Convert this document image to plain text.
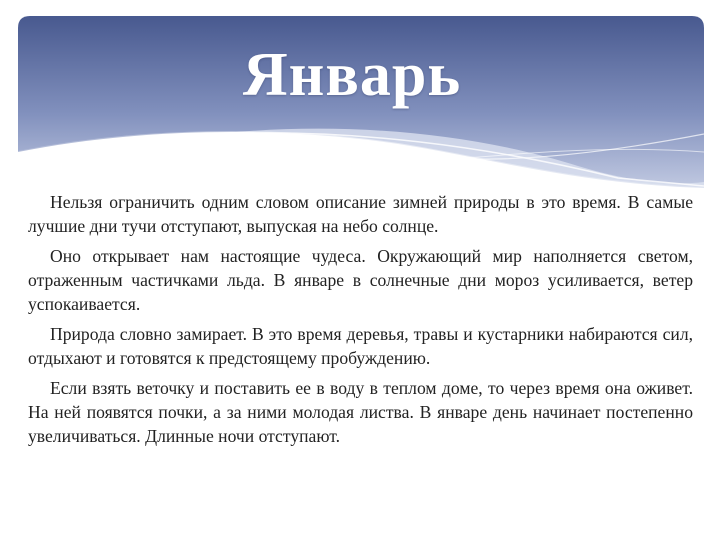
Январь

Нельзя ограничить одним словом описание зимней природы в это время. В самые лучшие дни тучи отступают, выпуская на небо солнце.

Оно открывает нам настоящие чудеса. Окружающий мир наполняется светом, отраженным частичками льда. В январе в солнечные дни мороз усиливается, ветер успокаивается.

Природа словно замирает. В это время деревья, травы и кустарники набираются сил, отдыхают и готовятся к предстоящему пробуждению.

Если взять веточку и поставить ее в воду в теплом доме, то через время она оживет. На ней появятся почки, а за ними молодая листва. В январе день начинает постепенно увеличиваться. Длинные ночи отступают.
